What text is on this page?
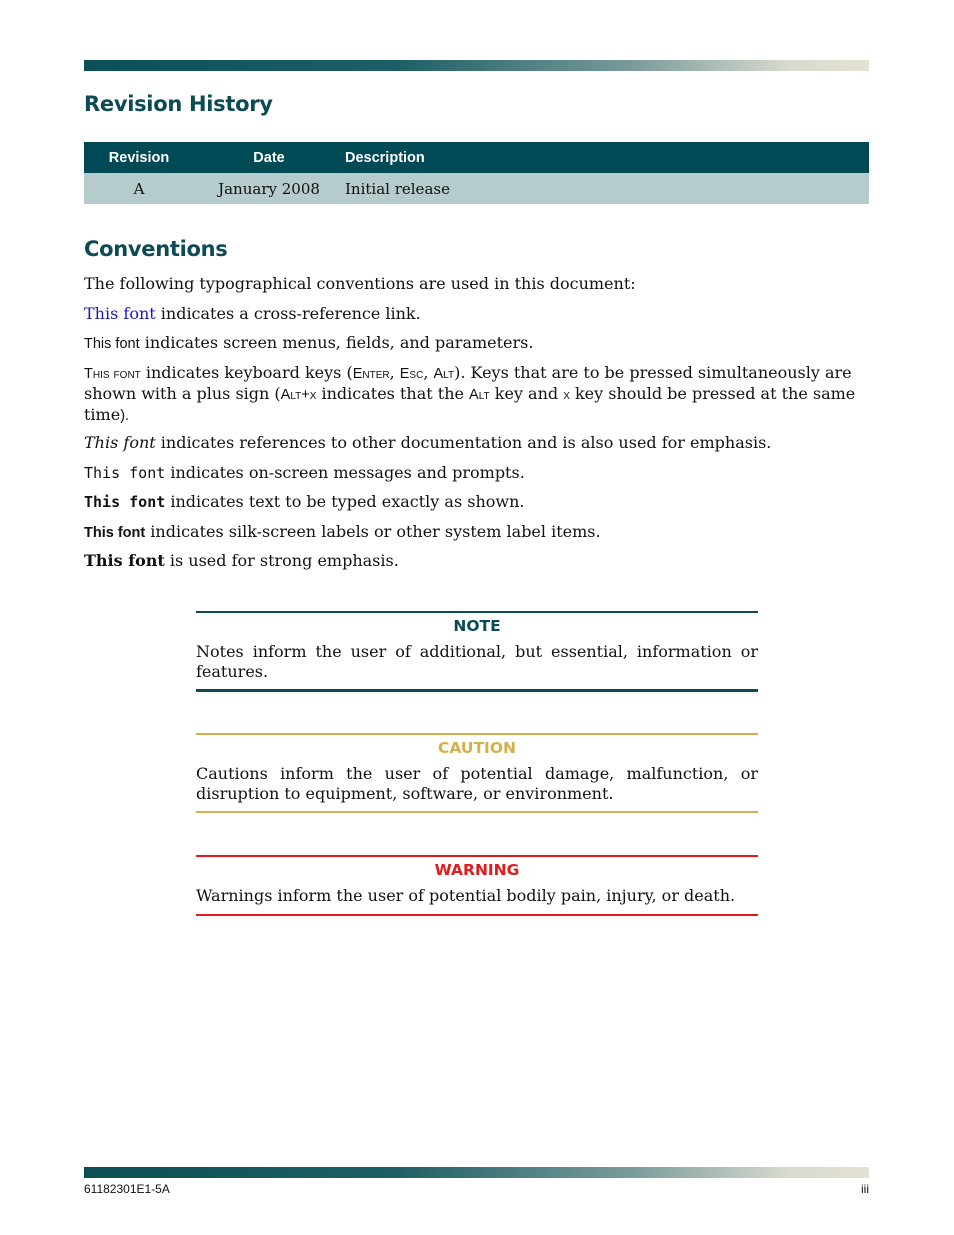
Revision History
Revision	Date	Description
A	January 2008	Initial release
Conventions

The following typographical conventions are used in this document:

This font indicates a cross-reference link.

This font indicates screen menus, fields, and parameters.

This font indicates keyboard keys (Enter, Esc, Alt). Keys that are to be pressed simultaneously are shown with a plus sign (Alt+x indicates that the Alt key and x key should be pressed at the same time).

This font indicates references to other documentation and is also used for emphasis.

This font indicates on-screen messages and prompts.

This font indicates text to be typed exactly as shown.

This font indicates silk-screen labels or other system label items.

This font is used for strong emphasis.

NOTE
Notes inform the user of additional, but essential, information or features.
CAUTION
Cautions inform the user of potential damage, malfunction, or disruption to equipment, software, or environment.
WARNING
Warnings inform the user of potential bodily pain, injury, or death.
61182301E1-5A	iii
